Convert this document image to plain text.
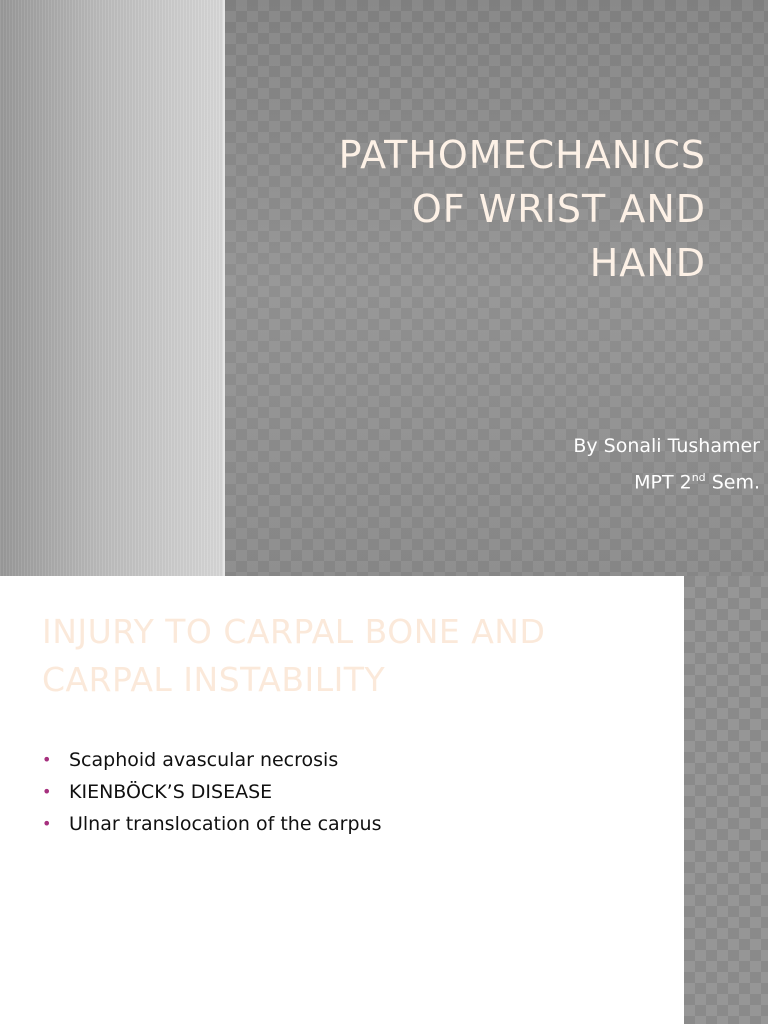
PATHOMECHANICS
OF WRIST AND
HAND
By Sonali Tushamer
MPT 2nd Sem.
INJURY TO CARPAL BONE AND
CARPAL INSTABILITY
• Scaphoid avascular necrosis
• KIENBÖCK’S DISEASE
• Ulnar translocation of the carpus
